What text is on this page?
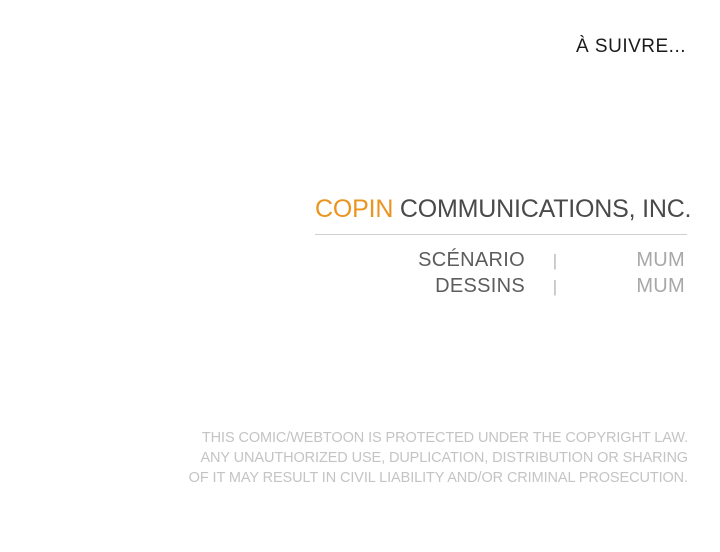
À SUIVRE...
COPIN COMMUNICATIONS, INC.
SCÉNARIO	|	MUM
DESSINS	|	MUM
THIS COMIC/WEBTOON IS PROTECTED UNDER THE COPYRIGHT LAW.
ANY UNAUTHORIZED USE, DUPLICATION, DISTRIBUTION OR SHARING
OF IT MAY RESULT IN CIVIL LIABILITY AND/OR CRIMINAL PROSECUTION.
